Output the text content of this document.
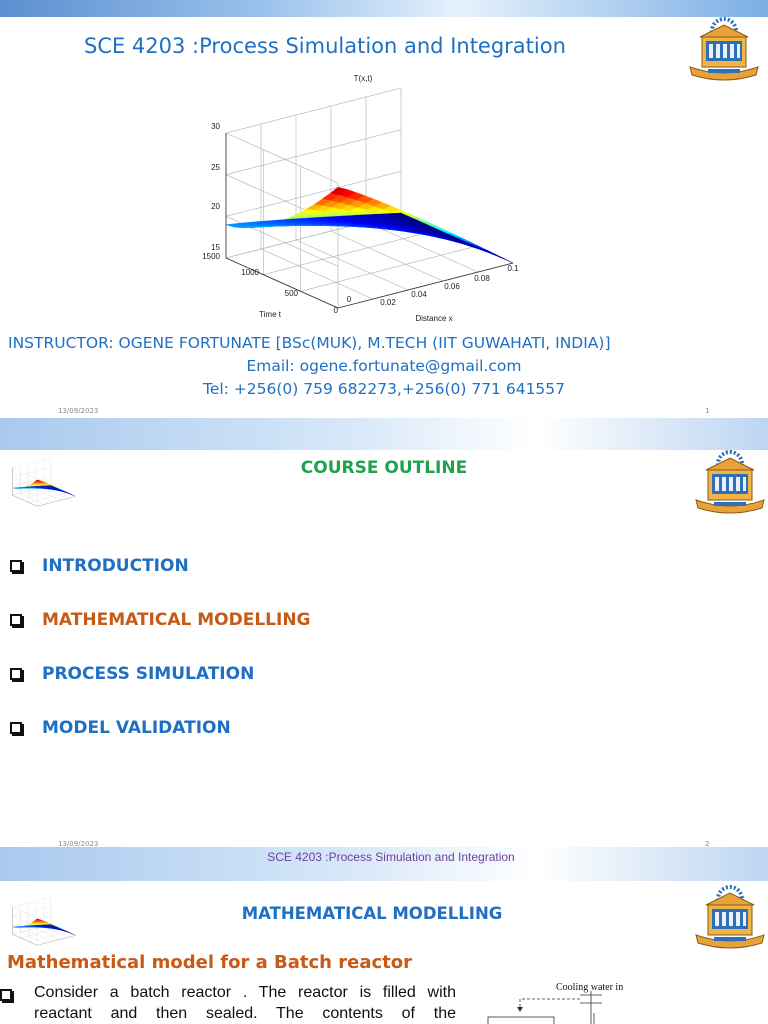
SCE 4203 :Process Simulation and Integration
T(x,t)
30
25
20
15
1500
1000
500
0
0	0.02
0.04
0.06
0.08
0.1
Time t	Distance x
INSTRUCTOR: OGENE FORTUNATE [BSc(MUK), M.TECH (IIT GUWAHATI, INDIA)]
Email: ogene.fortunate@gmail.com
Tel: +256(0) 759 682273,+256(0) 771 641557
13/09/2023	1
COURSE OUTLINE
INTRODUCTION
MATHEMATICAL MODELLING
PROCESS SIMULATION
MODEL VALIDATION
13/09/2023	2
SCE 4203 :Process Simulation and Integration
MATHEMATICAL MODELLING
Mathematical model for a Batch reactor
Consider a batch reactor . The reactor is filled with
reactant and then sealed. The contents of the
Cooling water in
